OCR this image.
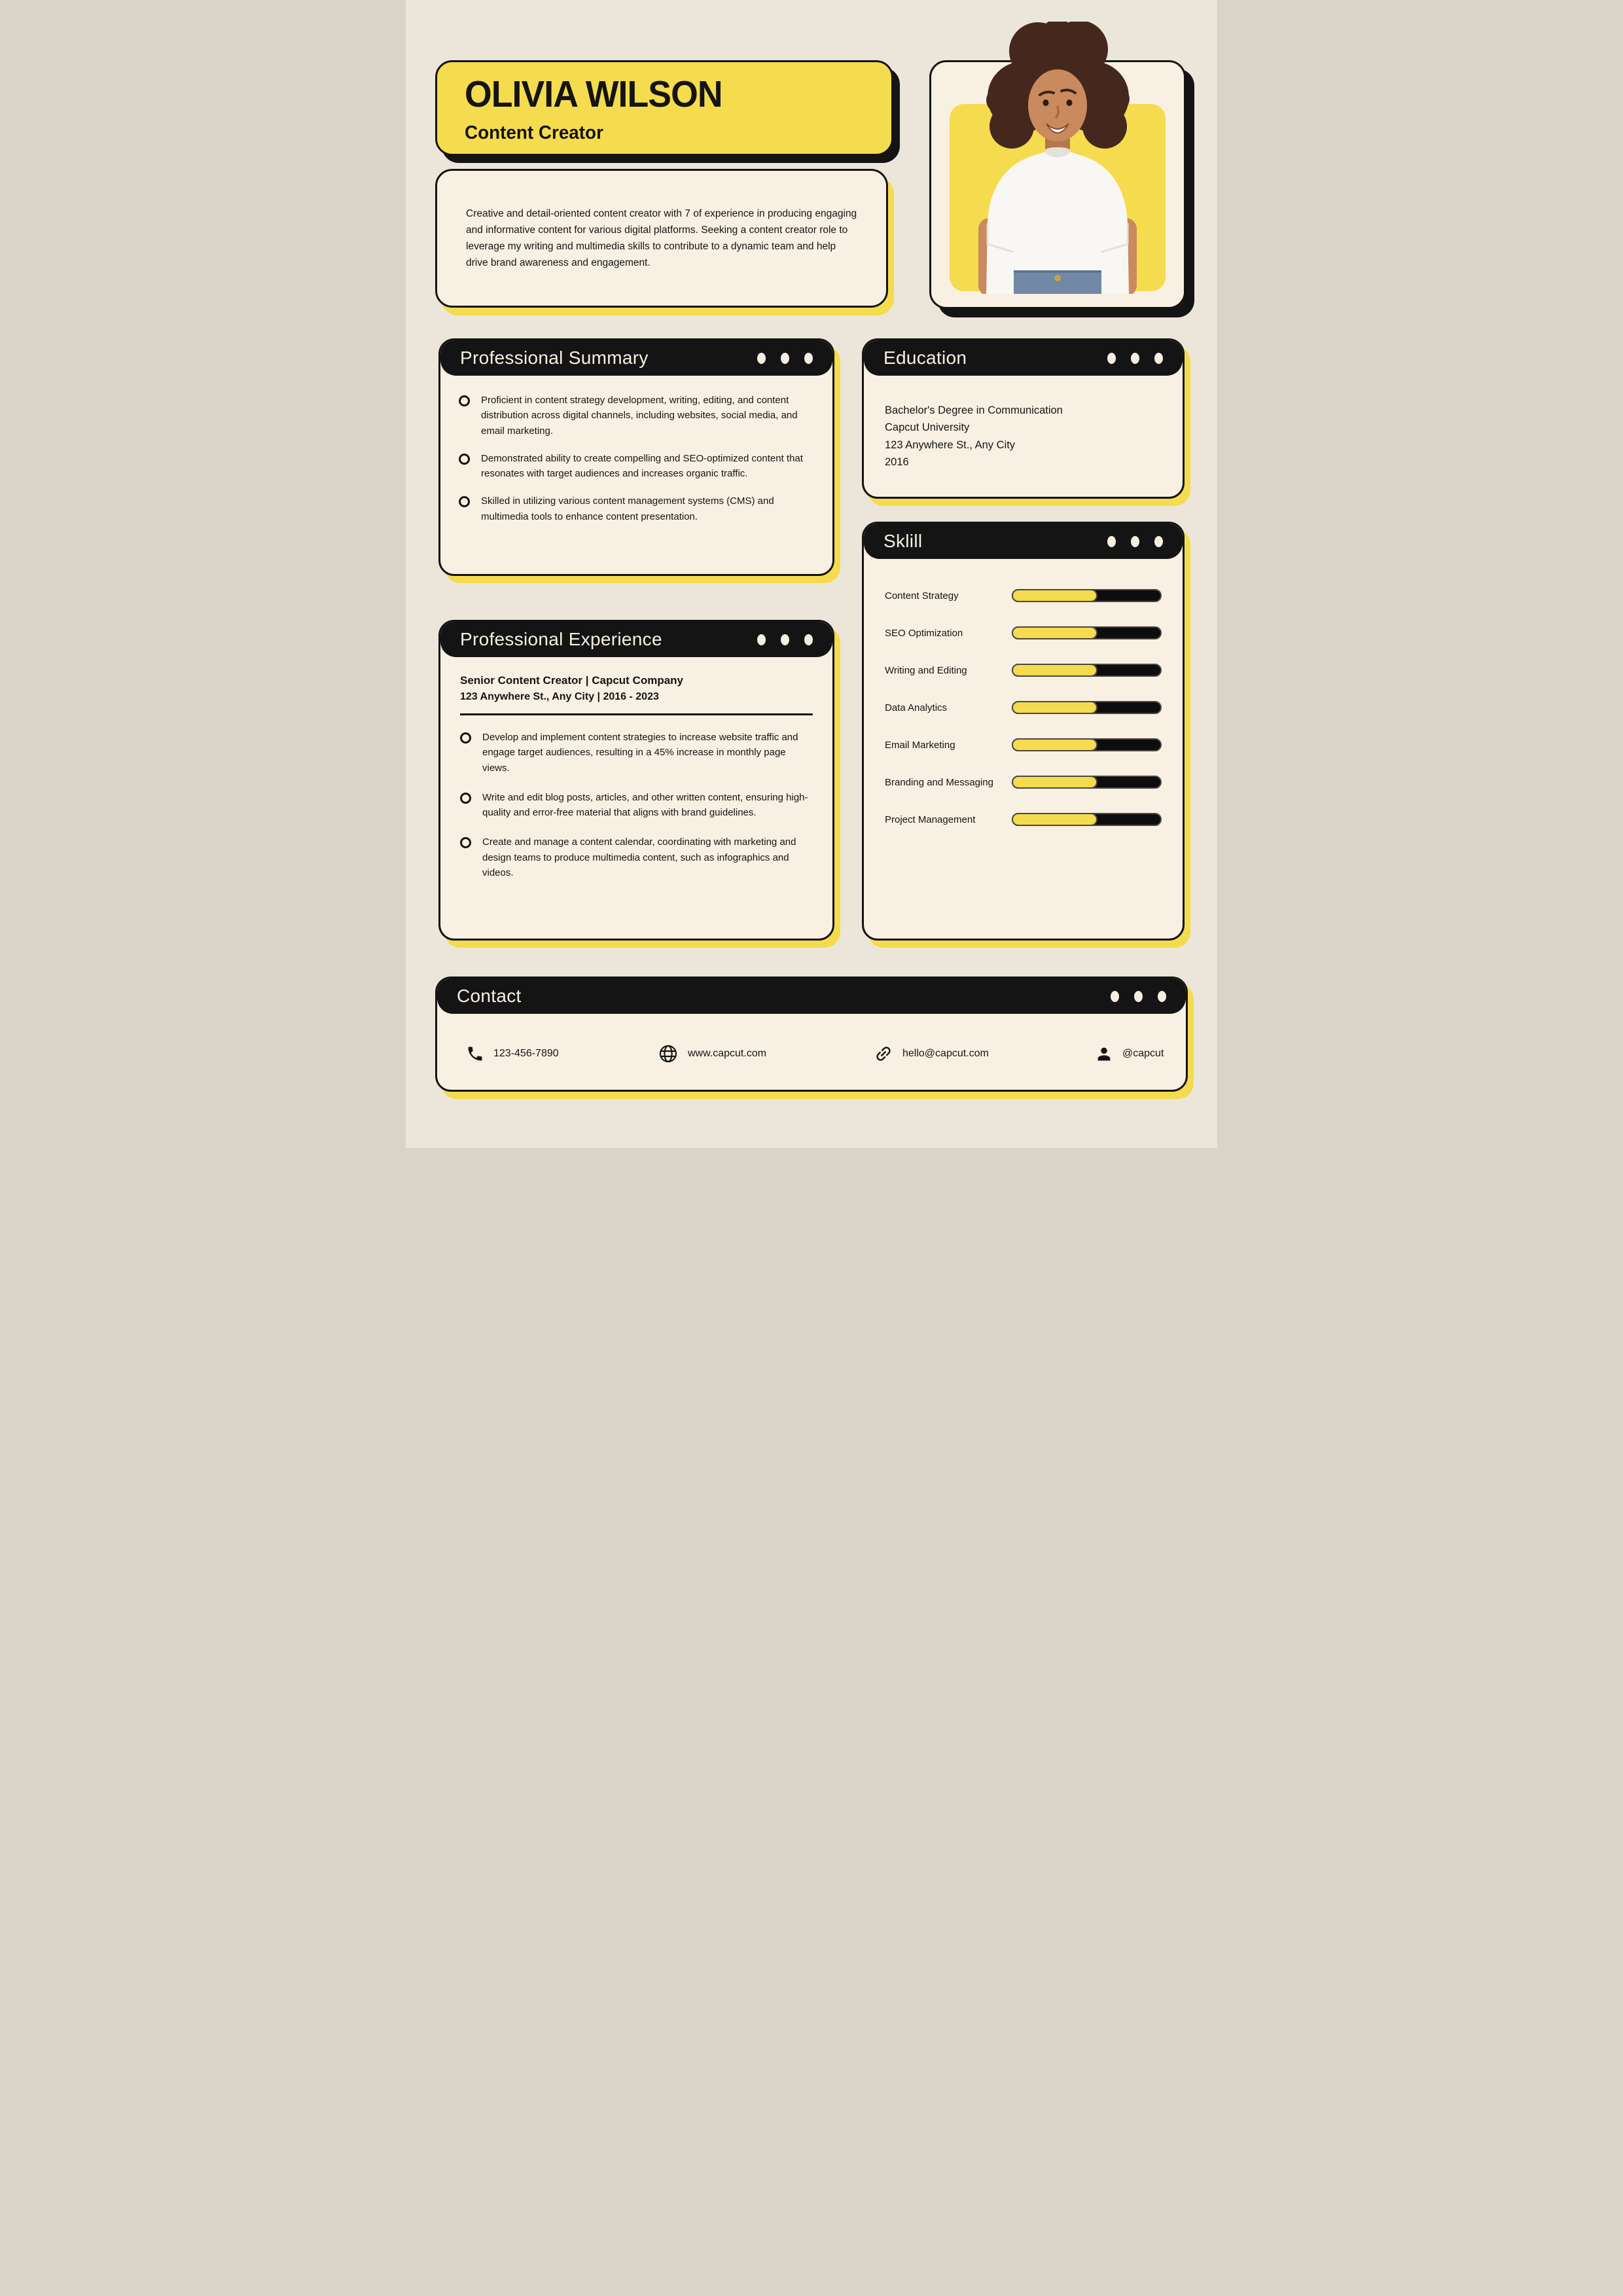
OLIVIA WILSON
Content Creator

Creative and detail-oriented content creator with 7 of experience in producing engaging and informative content for various digital platforms. Seeking a content creator role to leverage my writing and multimedia skills to contribute to a dynamic team and help drive brand awareness and engagement.

Professional Summary

Proficient in content strategy development, writing, editing, and content distribution across digital channels, including websites, social media, and email marketing.

Demonstrated ability to create compelling and SEO-optimized content that resonates with target audiences and increases organic traffic.

Skilled in utilizing various content management systems (CMS) and multimedia tools to enhance content presentation.

Education

Bachelor's Degree in Communication

Capcut University

123 Anywhere St., Any City

2016

Sklill
Content Strategy
SEO Optimization
Writing and Editing
Data Analytics
Email Marketing
Branding and Messaging
Project Management
Professional Experience

Senior Content Creator | Capcut Company

123 Anywhere St., Any City | 2016 - 2023

Develop and implement content strategies to increase website traffic and engage target audiences, resulting in a 45% increase in monthly page views.

Write and edit blog posts, articles, and other written content, ensuring high-quality and error-free material that aligns with brand guidelines.

Create and manage a content calendar, coordinating with marketing and design teams to produce multimedia content, such as infographics and videos.

Contact
123-456-7890	www.capcut.com	hello@capcut.com	@capcut
